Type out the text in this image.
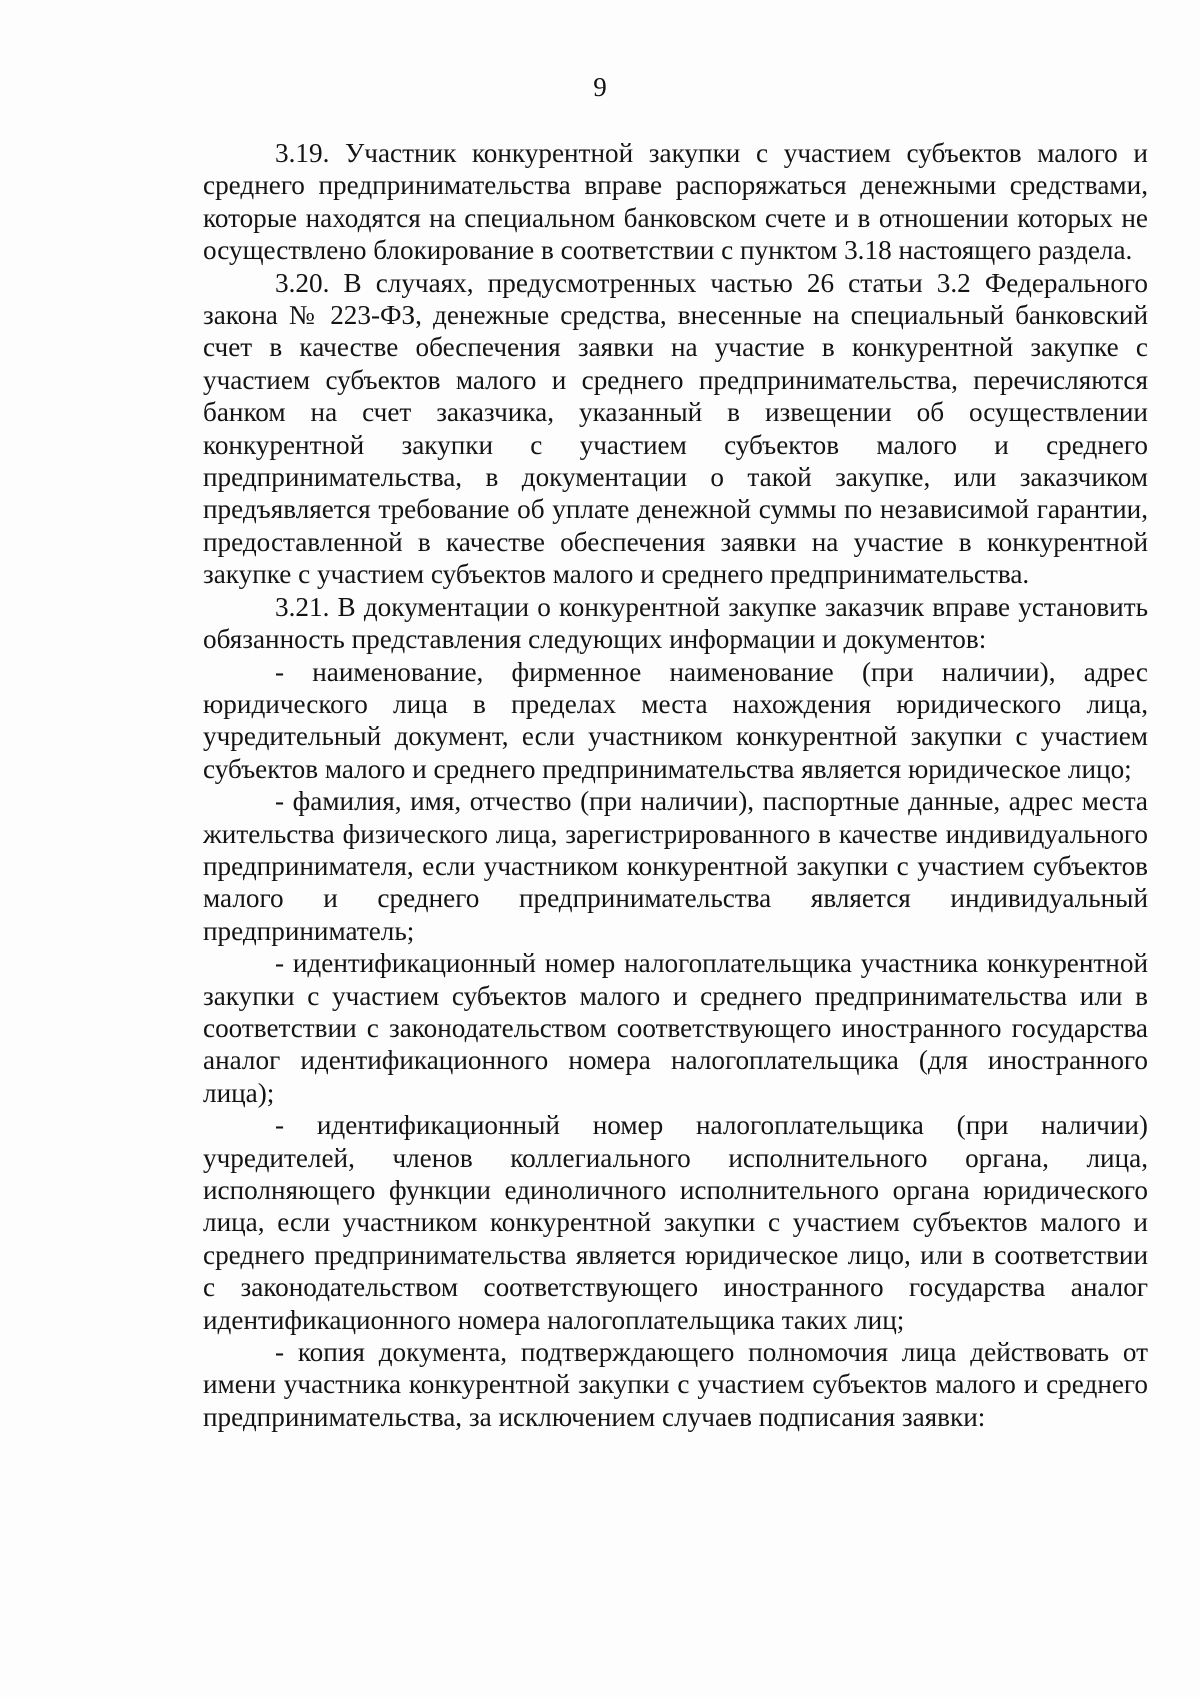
9

3.19. Участник конкурентной закупки с участием субъектов малого и среднего предпринимательства вправе распоряжаться денежными средствами, которые находятся на специальном банковском счете и в отношении которых не осуществлено блокирование в соответствии с пунктом 3.18 настоящего раздела.

3.20. В случаях, предусмотренных частью 26 статьи 3.2 Федерального закона № 223-ФЗ, денежные средства, внесенные на специальный банковский счет в качестве обеспечения заявки на участие в конкурентной закупке с участием субъектов малого и среднего предпринимательства, перечисляются банком на счет заказчика, указанный в извещении об осуществлении конкурентной закупки с участием субъектов малого и среднего предпринимательства, в документации о такой закупке, или заказчиком предъявляется требование об уплате денежной суммы по независимой гарантии, предоставленной в качестве обеспечения заявки на участие в конкурентной закупке с участием субъектов малого и среднего предпринимательства.

3.21. В документации о конкурентной закупке заказчик вправе установить обязанность представления следующих информации и документов:

- наименование, фирменное наименование (при наличии), адрес юридического лица в пределах места нахождения юридического лица, учредительный документ, если участником конкурентной закупки с участием субъектов малого и среднего предпринимательства является юридическое лицо;

- фамилия, имя, отчество (при наличии), паспортные данные, адрес места жительства физического лица, зарегистрированного в качестве индивидуального предпринимателя, если участником конкурентной закупки с участием субъектов малого и среднего предпринимательства является индивидуальный предприниматель;

- идентификационный номер налогоплательщика участника конкурентной закупки с участием субъектов малого и среднего предпринимательства или в соответствии с законодательством соответствующего иностранного государства аналог идентификационного номера налогоплательщика (для иностранного лица);

- идентификационный номер налогоплательщика (при наличии) учредителей, членов коллегиального исполнительного органа, лица, исполняющего функции единоличного исполнительного органа юридического лица, если участником конкурентной закупки с участием субъектов малого и среднего предпринимательства является юридическое лицо, или в соответствии с законодательством соответствующего иностранного государства аналог идентификационного номера налогоплательщика таких лиц;

- копия документа, подтверждающего полномочия лица действовать от имени участника конкурентной закупки с участием субъектов малого и среднего предпринимательства, за исключением случаев подписания заявки:
